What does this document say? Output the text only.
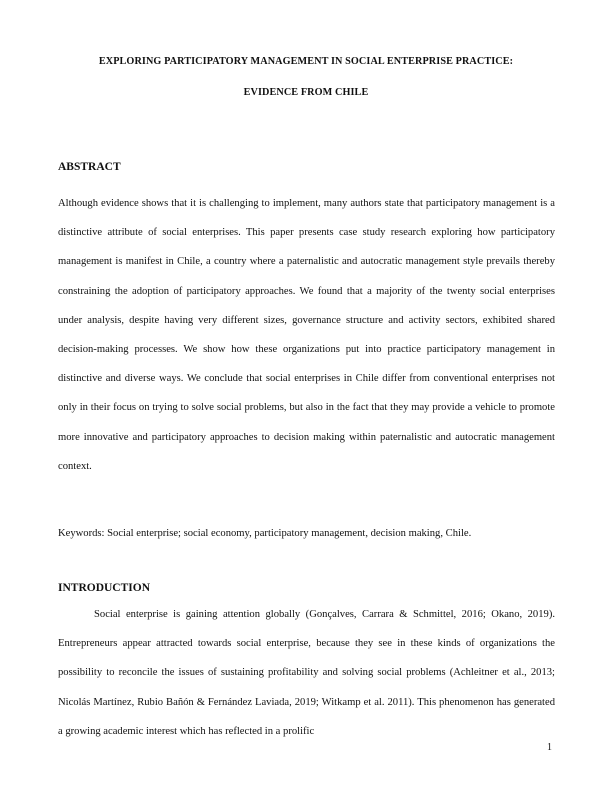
EXPLORING PARTICIPATORY MANAGEMENT IN SOCIAL ENTERPRISE PRACTICE:
EVIDENCE FROM CHILE
ABSTRACT

Although evidence shows that it is challenging to implement, many authors state that participatory management is a distinctive attribute of social enterprises. This paper presents case study research exploring how participatory management is manifest in Chile, a country where a paternalistic and autocratic management style prevails thereby constraining the adoption of participatory approaches. We found that a majority of the twenty social enterprises under analysis, despite having very different sizes, governance structure and activity sectors, exhibited shared decision-making processes. We show how these organizations put into practice participatory management in distinctive and diverse ways. We conclude that social enterprises in Chile differ from conventional enterprises not only in their focus on trying to solve social problems, but also in the fact that they may provide a vehicle to promote more innovative and participatory approaches to decision making within paternalistic and autocratic management context.

Keywords: Social enterprise; social economy, participatory management, decision making, Chile.
INTRODUCTION

Social enterprise is gaining attention globally (Gonçalves, Carrara & Schmittel, 2016; Okano, 2019). Entrepreneurs appear attracted towards social enterprise, because they see in these kinds of organizations the possibility to reconcile the issues of sustaining profitability and solving social problems (Achleitner et al., 2013; Nicolás Martínez, Rubio Bañón & Fernández Laviada, 2019; Witkamp et al. 2011). This phenomenon has generated a growing academic interest which has reflected in a prolific

1
